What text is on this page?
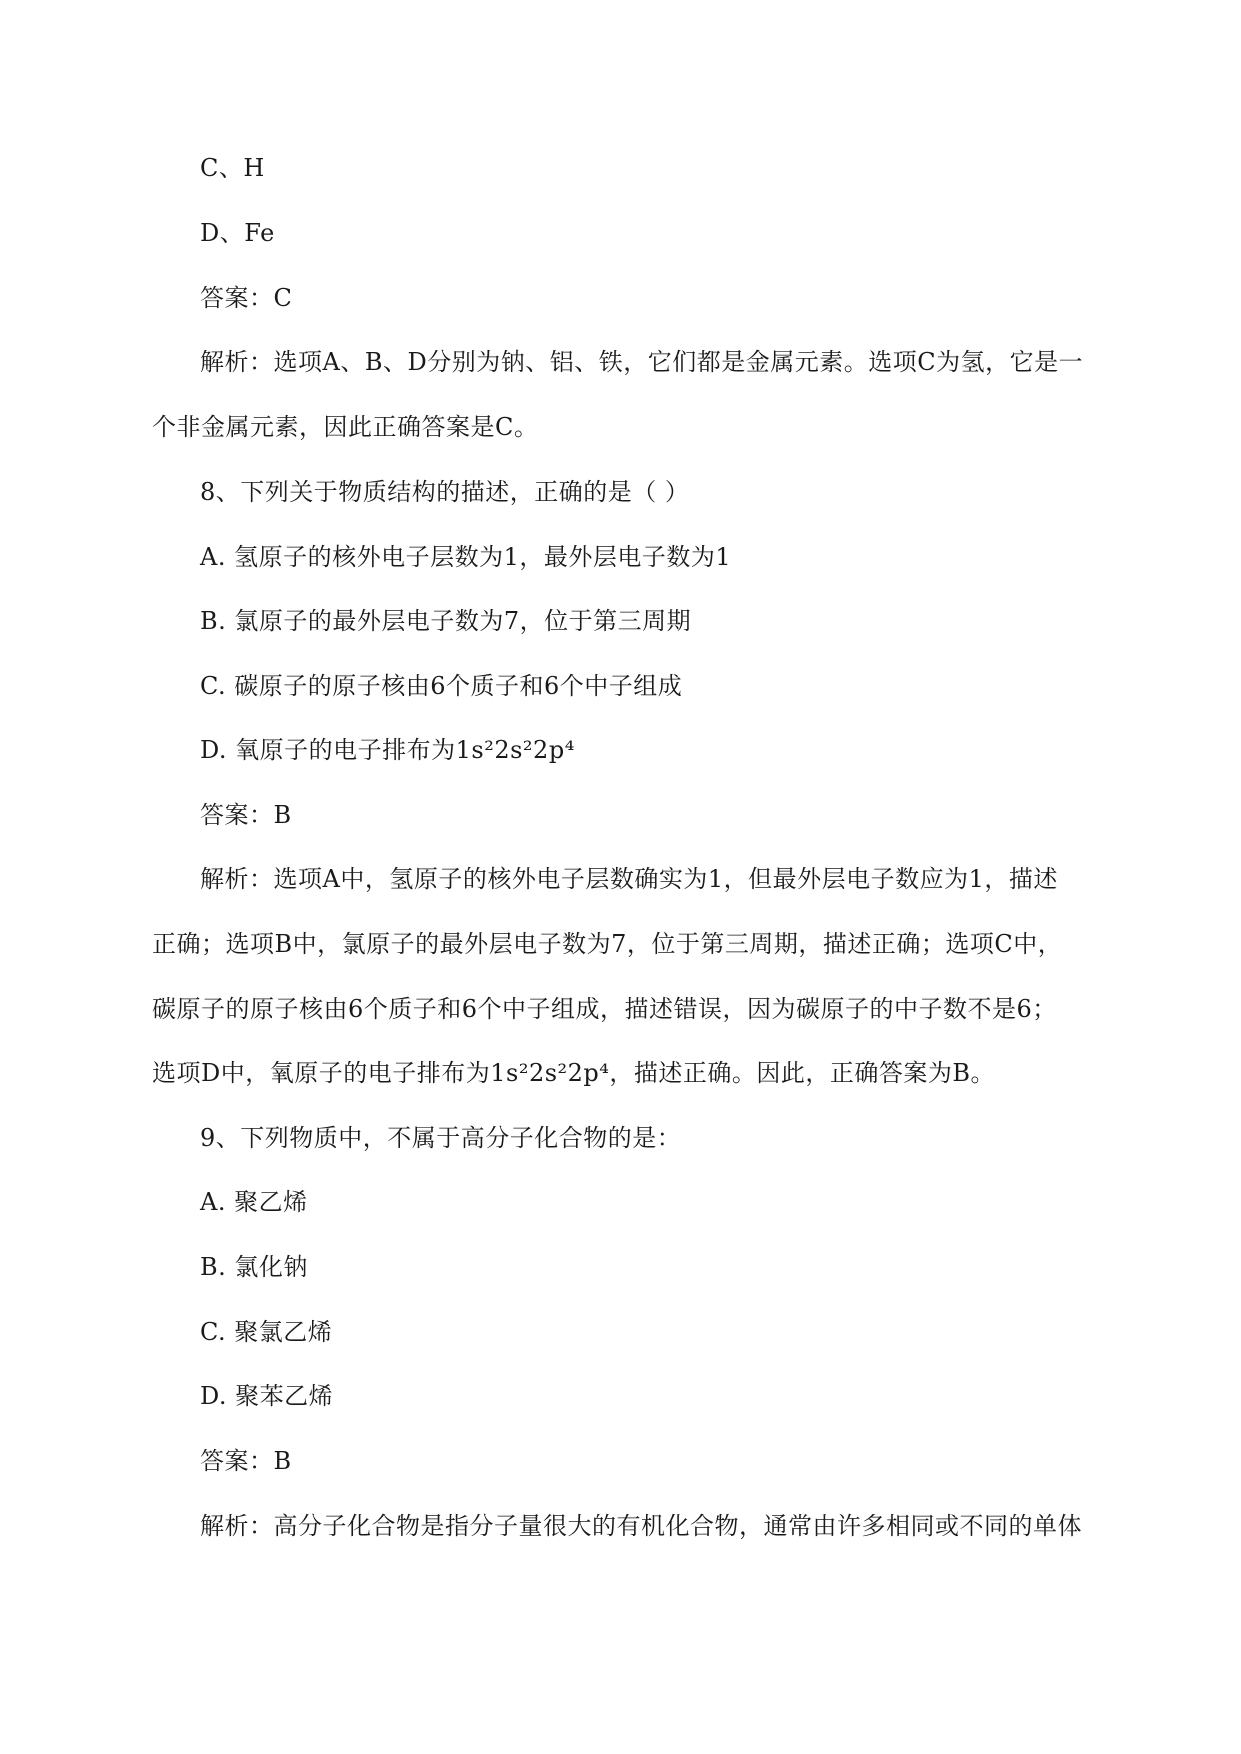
C、H
D、Fe
答案：C
解析：选项A、B、D分别为钠、铝、铁，它们都是金属元素。选项C为氢，它是一
个非金属元素，因此正确答案是C。
8、下列关于物质结构的描述，正确的是（ ）
A. 氢原子的核外电子层数为1，最外层电子数为1
B. 氯原子的最外层电子数为7，位于第三周期
C. 碳原子的原子核由6个质子和6个中子组成
D. 氧原子的电子排布为1s²2s²2p⁴
答案：B
解析：选项A中，氢原子的核外电子层数确实为1，但最外层电子数应为1，描述
正确；选项B中，氯原子的最外层电子数为7，位于第三周期，描述正确；选项C中，
碳原子的原子核由6个质子和6个中子组成，描述错误，因为碳原子的中子数不是6；
选项D中，氧原子的电子排布为1s²2s²2p⁴，描述正确。因此，正确答案为B。
9、下列物质中，不属于高分子化合物的是：
A. 聚乙烯
B. 氯化钠
C. 聚氯乙烯
D. 聚苯乙烯
答案：B
解析：高分子化合物是指分子量很大的有机化合物，通常由许多相同或不同的单体
